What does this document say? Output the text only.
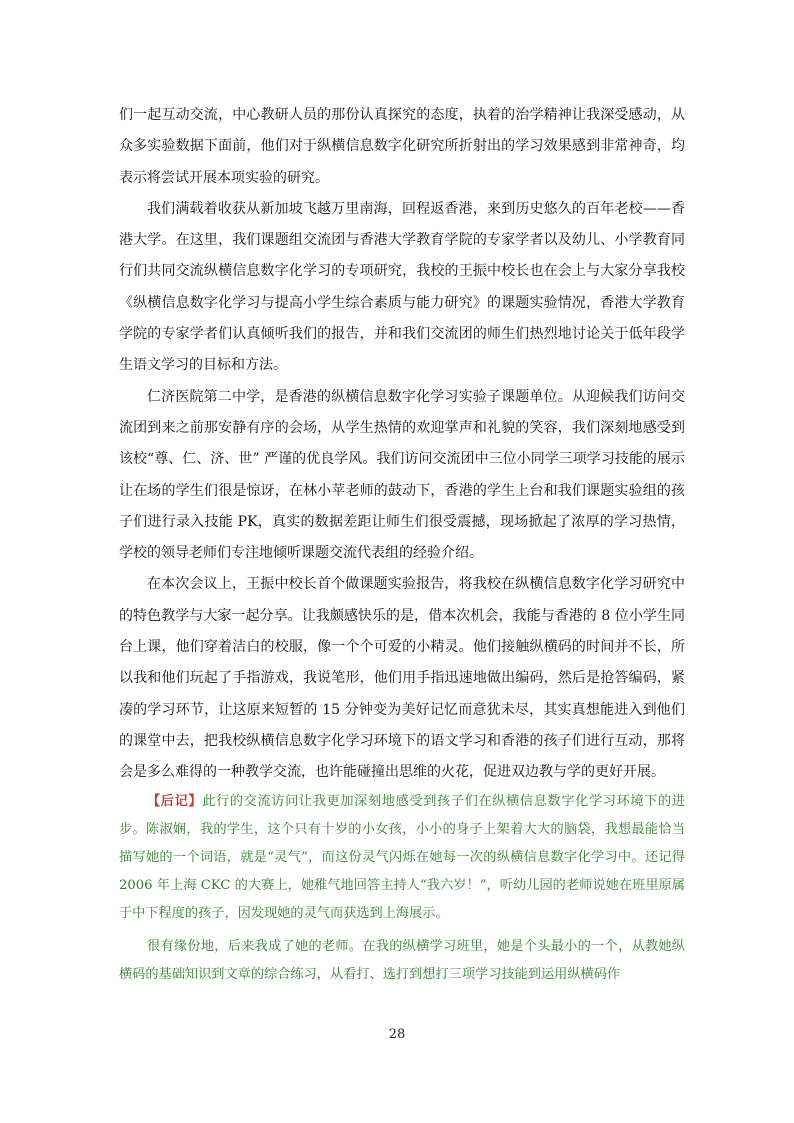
们一起互动交流，中心教研人员的那份认真探究的态度，执着的治学精神让我深受感动，从众多实验数据下面前，他们对于纵横信息数字化研究所折射出的学习效果感到非常神奇，均表示将尝试开展本项实验的研究。

我们满载着收获从新加坡飞越万里南海，回程返香港，来到历史悠久的百年老校——香港大学。在这里，我们课题组交流团与香港大学教育学院的专家学者以及幼儿、小学教育同行们共同交流纵横信息数字化学习的专项研究，我校的王振中校长也在会上与大家分享我校《纵横信息数字化学习与提高小学生综合素质与能力研究》的课题实验情况，香港大学教育学院的专家学者们认真倾听我们的报告，并和我们交流团的师生们热烈地讨论关于低年段学生语文学习的目标和方法。

仁济医院第二中学，是香港的纵横信息数字化学习实验子课题单位。从迎候我们访问交流团到来之前那安静有序的会场，从学生热情的欢迎掌声和礼貌的笑容，我们深刻地感受到该校“尊、仁、济、世” 严谨的优良学风。我们访问交流团中三位小同学三项学习技能的展示让在场的学生们很是惊讶，在林小苹老师的鼓动下，香港的学生上台和我们课题实验组的孩子们进行录入技能 PK，真实的数据差距让师生们很受震撼，现场掀起了浓厚的学习热情，学校的领导老师们专注地倾听课题交流代表组的经验介绍。

在本次会议上，王振中校长首个做课题实验报告，将我校在纵横信息数字化学习研究中的特色教学与大家一起分享。让我颇感快乐的是，借本次机会，我能与香港的 8 位小学生同台上课，他们穿着洁白的校服，像一个个可爱的小精灵。他们接触纵横码的时间并不长，所以我和他们玩起了手指游戏，我说笔形，他们用手指迅速地做出编码，然后是抢答编码，紧凑的学习环节，让这原来短暂的 15 分钟变为美好记忆而意犹未尽，其实真想能进入到他们的课堂中去，把我校纵横信息数字化学习环境下的语文学习和香港的孩子们进行互动，那将会是多么难得的一种教学交流，也许能碰撞出思维的火花，促进双边教与学的更好开展。

【后记】此行的交流访问让我更加深刻地感受到孩子们在纵横信息数字化学习环境下的进步。陈淑娴，我的学生，这个只有十岁的小女孩，小小的身子上架着大大的脑袋，我想最能恰当描写她的一个词语，就是“灵气”，而这份灵气闪烁在她每一次的纵横信息数字化学习中。还记得 2006 年上海 CKC 的大赛上，她稚气地回答主持人“我六岁！”，听幼儿园的老师说她在班里原属于中下程度的孩子，因发现她的灵气而获选到上海展示。

很有缘份地，后来我成了她的老师。在我的纵横学习班里，她是个头最小的一个，从教她纵横码的基础知识到文章的综合练习，从看打、选打到想打三项学习技能到运用纵横码作

28
